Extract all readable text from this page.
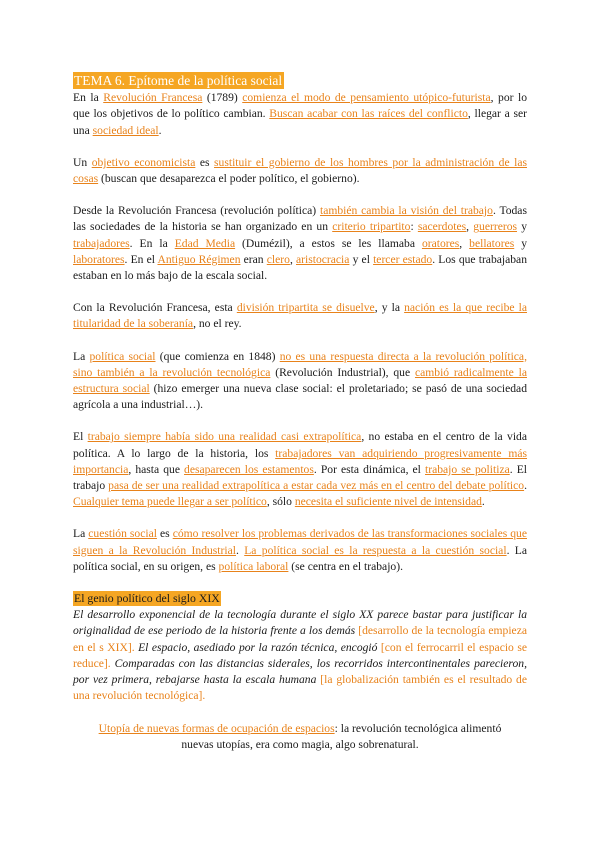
TEMA 6. Epítome de la política social

En la Revolución Francesa (1789) comienza el modo de pensamiento utópico-futurista, por lo que los objetivos de lo político cambian. Buscan acabar con las raíces del conflicto, llegar a ser una sociedad ideal.

Un objetivo economicista es sustituir el gobierno de los hombres por la administración de las cosas (buscan que desaparezca el poder político, el gobierno).

Desde la Revolución Francesa (revolución política) también cambia la visión del trabajo. Todas las sociedades de la historia se han organizado en un criterio tripartito: sacerdotes, guerreros y trabajadores. En la Edad Media (Dumézil), a estos se les llamaba oratores, bellatores y laboratores. En el Antiguo Régimen eran clero, aristocracia y el tercer estado. Los que trabajaban estaban en lo más bajo de la escala social.

Con la Revolución Francesa, esta división tripartita se disuelve, y la nación es la que recibe la titularidad de la soberanía, no el rey.

La política social (que comienza en 1848) no es una respuesta directa a la revolución política, sino también a la revolución tecnológica (Revolución Industrial), que cambió radicalmente la estructura social (hizo emerger una nueva clase social: el proletariado; se pasó de una sociedad agrícola a una industrial…).

El trabajo siempre había sido una realidad casi extrapolítica, no estaba en el centro de la vida política. A lo largo de la historia, los trabajadores van adquiriendo progresivamente más importancia, hasta que desaparecen los estamentos. Por esta dinámica, el trabajo se politiza. El trabajo pasa de ser una realidad extrapolítica a estar cada vez más en el centro del debate político. Cualquier tema puede llegar a ser político, sólo necesita el suficiente nivel de intensidad.

La cuestión social es cómo resolver los problemas derivados de las transformaciones sociales que siguen a la Revolución Industrial. La política social es la respuesta a la cuestión social. La política social, en su origen, es política laboral (se centra en el trabajo).

El genio político del siglo XIX

El desarrollo exponencial de la tecnología durante el siglo XX parece bastar para justificar la originalidad de ese periodo de la historia frente a los demás [desarrollo de la tecnología empieza en el s XIX]. El espacio, asediado por la razón técnica, encogió [con el ferrocarril el espacio se reduce]. Comparadas con las distancias siderales, los recorridos intercontinentales parecieron, por vez primera, rebajarse hasta la escala humana [la globalización también es el resultado de una revolución tecnológica].

Utopía de nuevas formas de ocupación de espacios: la revolución tecnológica alimentó nuevas utopías, era como magia, algo sobrenatural.
